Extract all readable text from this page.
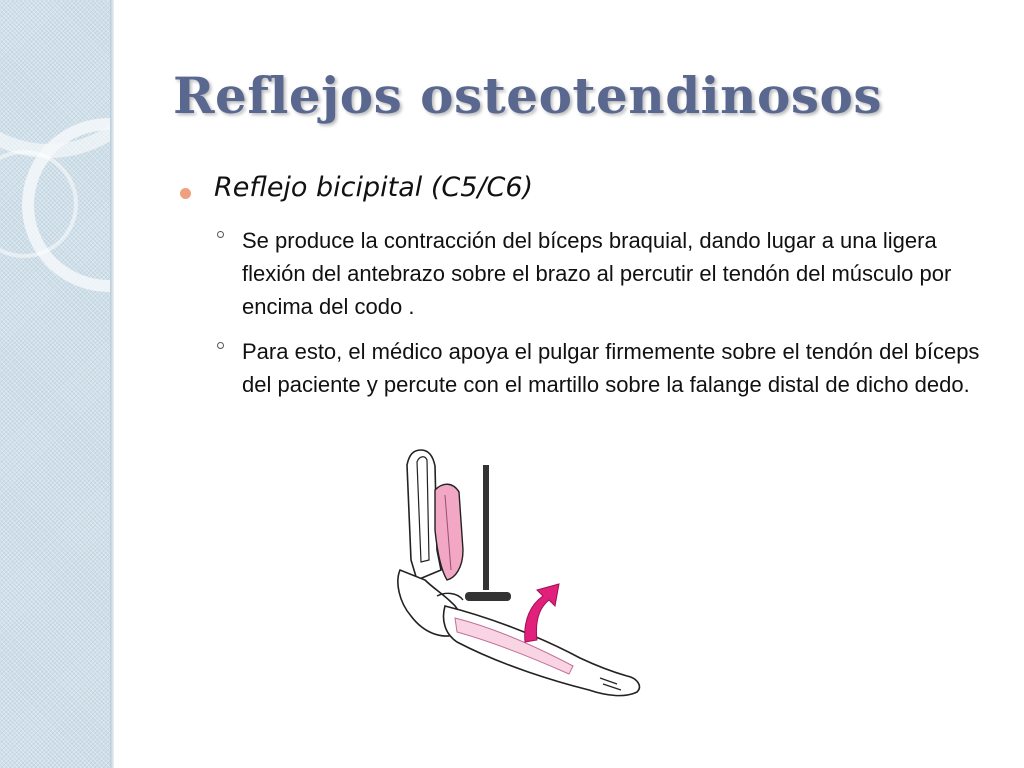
Reflejos osteotendinosos
Reflejo bicipital (C5/C6)

Se produce la contracción del bíceps braquial, dando lugar a una ligera flexión del antebrazo sobre el brazo al percutir el tendón del músculo por encima del codo .

Para esto, el médico apoya el pulgar firmemente sobre el tendón del bíceps del paciente y percute con el martillo sobre la falange distal de dicho dedo.
